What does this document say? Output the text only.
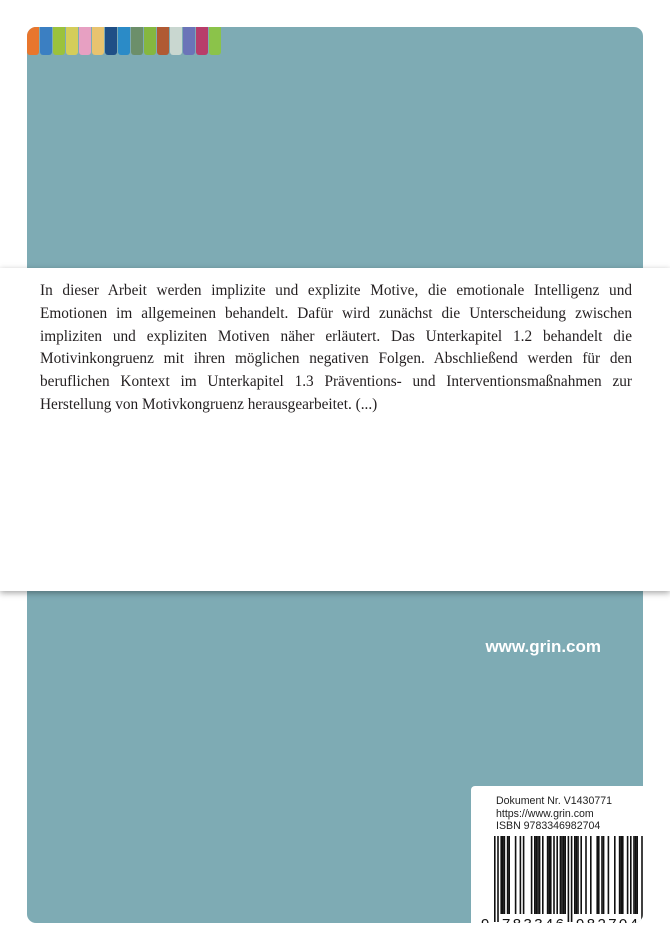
www.grin.com

Dokument Nr. V1430771
https://www.grin.com
ISBN 9783346982704
9 783346 982704

In dieser Arbeit werden implizite und explizite Motive, die emotionale Intelligenz und Emotionen im allgemeinen behandelt. Dafür wird zunächst die Unterscheidung zwischen impliziten und expliziten Motiven näher erläutert. Das Unterkapitel 1.2 behandelt die Motivinkongruenz mit ihren möglichen negativen Folgen. Abschließend werden für den beruflichen Kontext im Unterkapitel 1.3 Präventions- und Interventionsmaßnahmen zur Herstellung von Motivkongruenz herausgearbeitet. (...)
